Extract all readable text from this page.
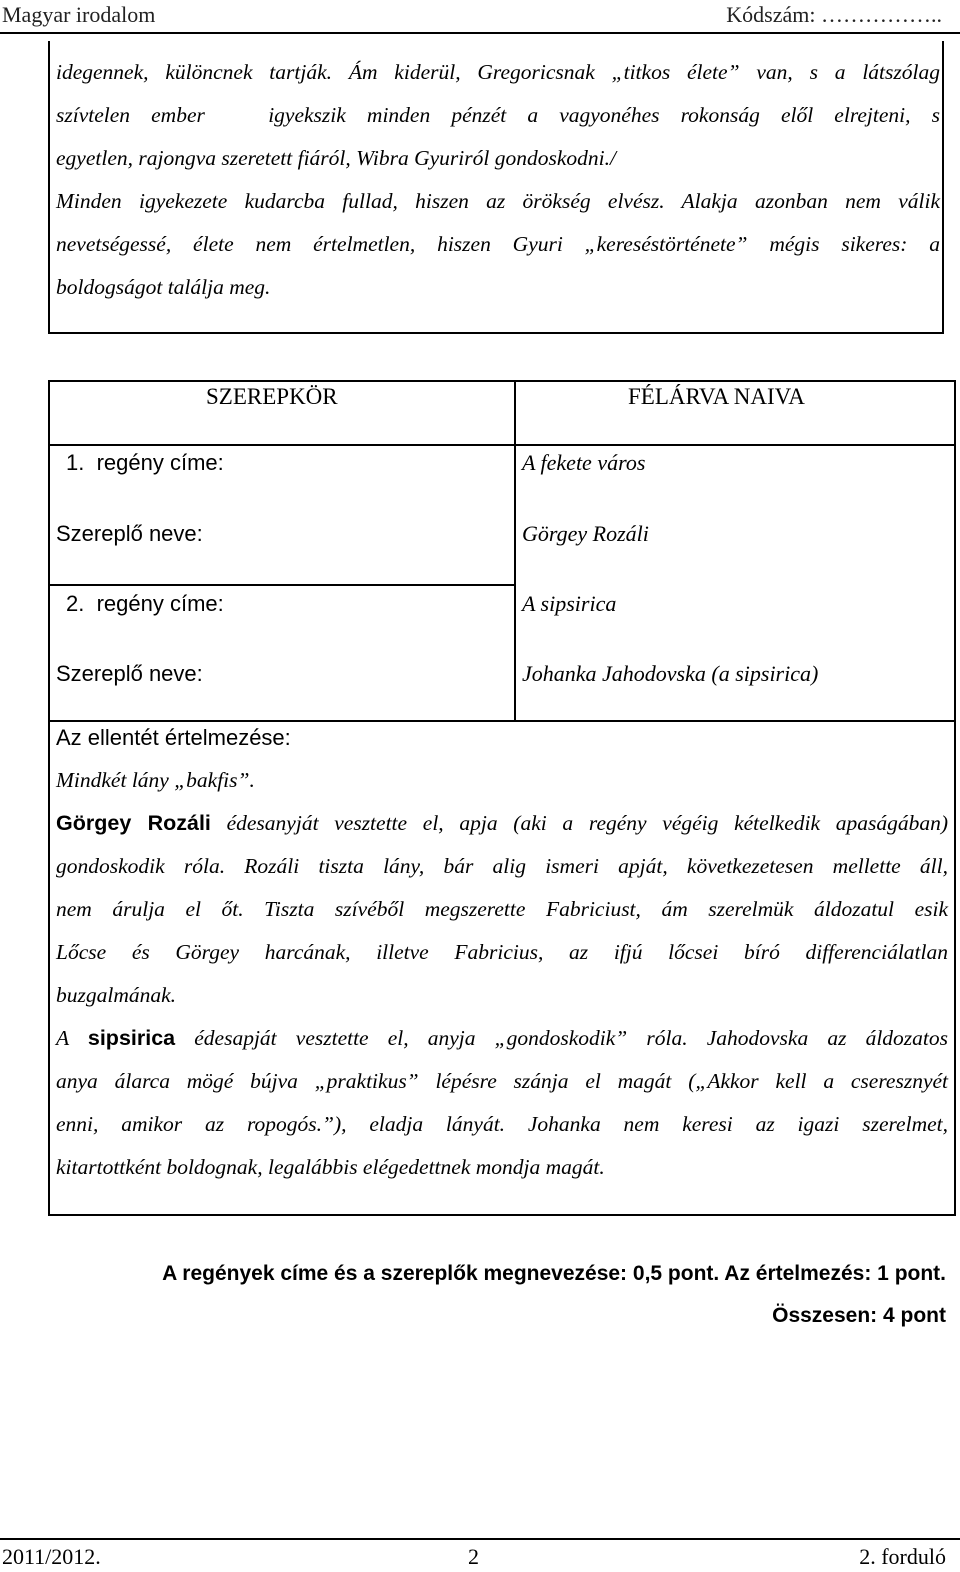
Magyar irodalom	Kódszám: ……………..

idegennek, különcnek tartják. Ám kiderül, Gregoricsnak „titkos élete” van, s a látszólag

szívtelen ember   igyekszik minden pénzét a vagyonéhes rokonság elől elrejteni, s

egyetlen, rajongva szeretett fiáról, Wibra Gyuriról gondoskodni./

Minden igyekezete kudarcba fullad, hiszen az örökség elvész. Alakja azonban nem válik

nevetségessé, élete nem értelmetlen, hiszen Gyuri „kereséstörténete” mégis sikeres: a

boldogságot találja meg.

SZEREPKÖR	FÉLÁRVA NAIVA
1.  regény címe:	A fekete város
Szereplő neve:	Görgey Rozáli
2.  regény címe:	A sipsirica
Szereplő neve:	Johanka Jahodovska (a sipsirica)
Az ellentét értelmezése:

Mindkét lány „bakfis”.

Görgey Rozáli édesanyját vesztette el, apja (aki a regény végéig kételkedik apaságában)

gondoskodik róla. Rozáli tiszta lány, bár alig ismeri apját, következetesen mellette áll,

nem árulja el őt. Tiszta szívéből megszerette Fabriciust, ám szerelmük áldozatul esik

Lőcse és Görgey harcának, illetve Fabricius, az ifjú lőcsei bíró differenciálatlan

buzgalmának.

A sipsirica édesapját vesztette el, anyja „gondoskodik” róla. Jahodovska az áldozatos

anya álarca mögé bújva „praktikus” lépésre szánja el magát („Akkor kell a cseresznyét

enni, amikor az ropogós.”), eladja lányát. Johanka nem keresi az igazi szerelmet,

kitartottként boldognak, legalábbis elégedettnek mondja magát.

A regények címe és a szereplők megnevezése: 0,5 pont. Az értelmezés: 1 pont.
Összesen: 4 pont
2011/2012.	2	2. forduló
